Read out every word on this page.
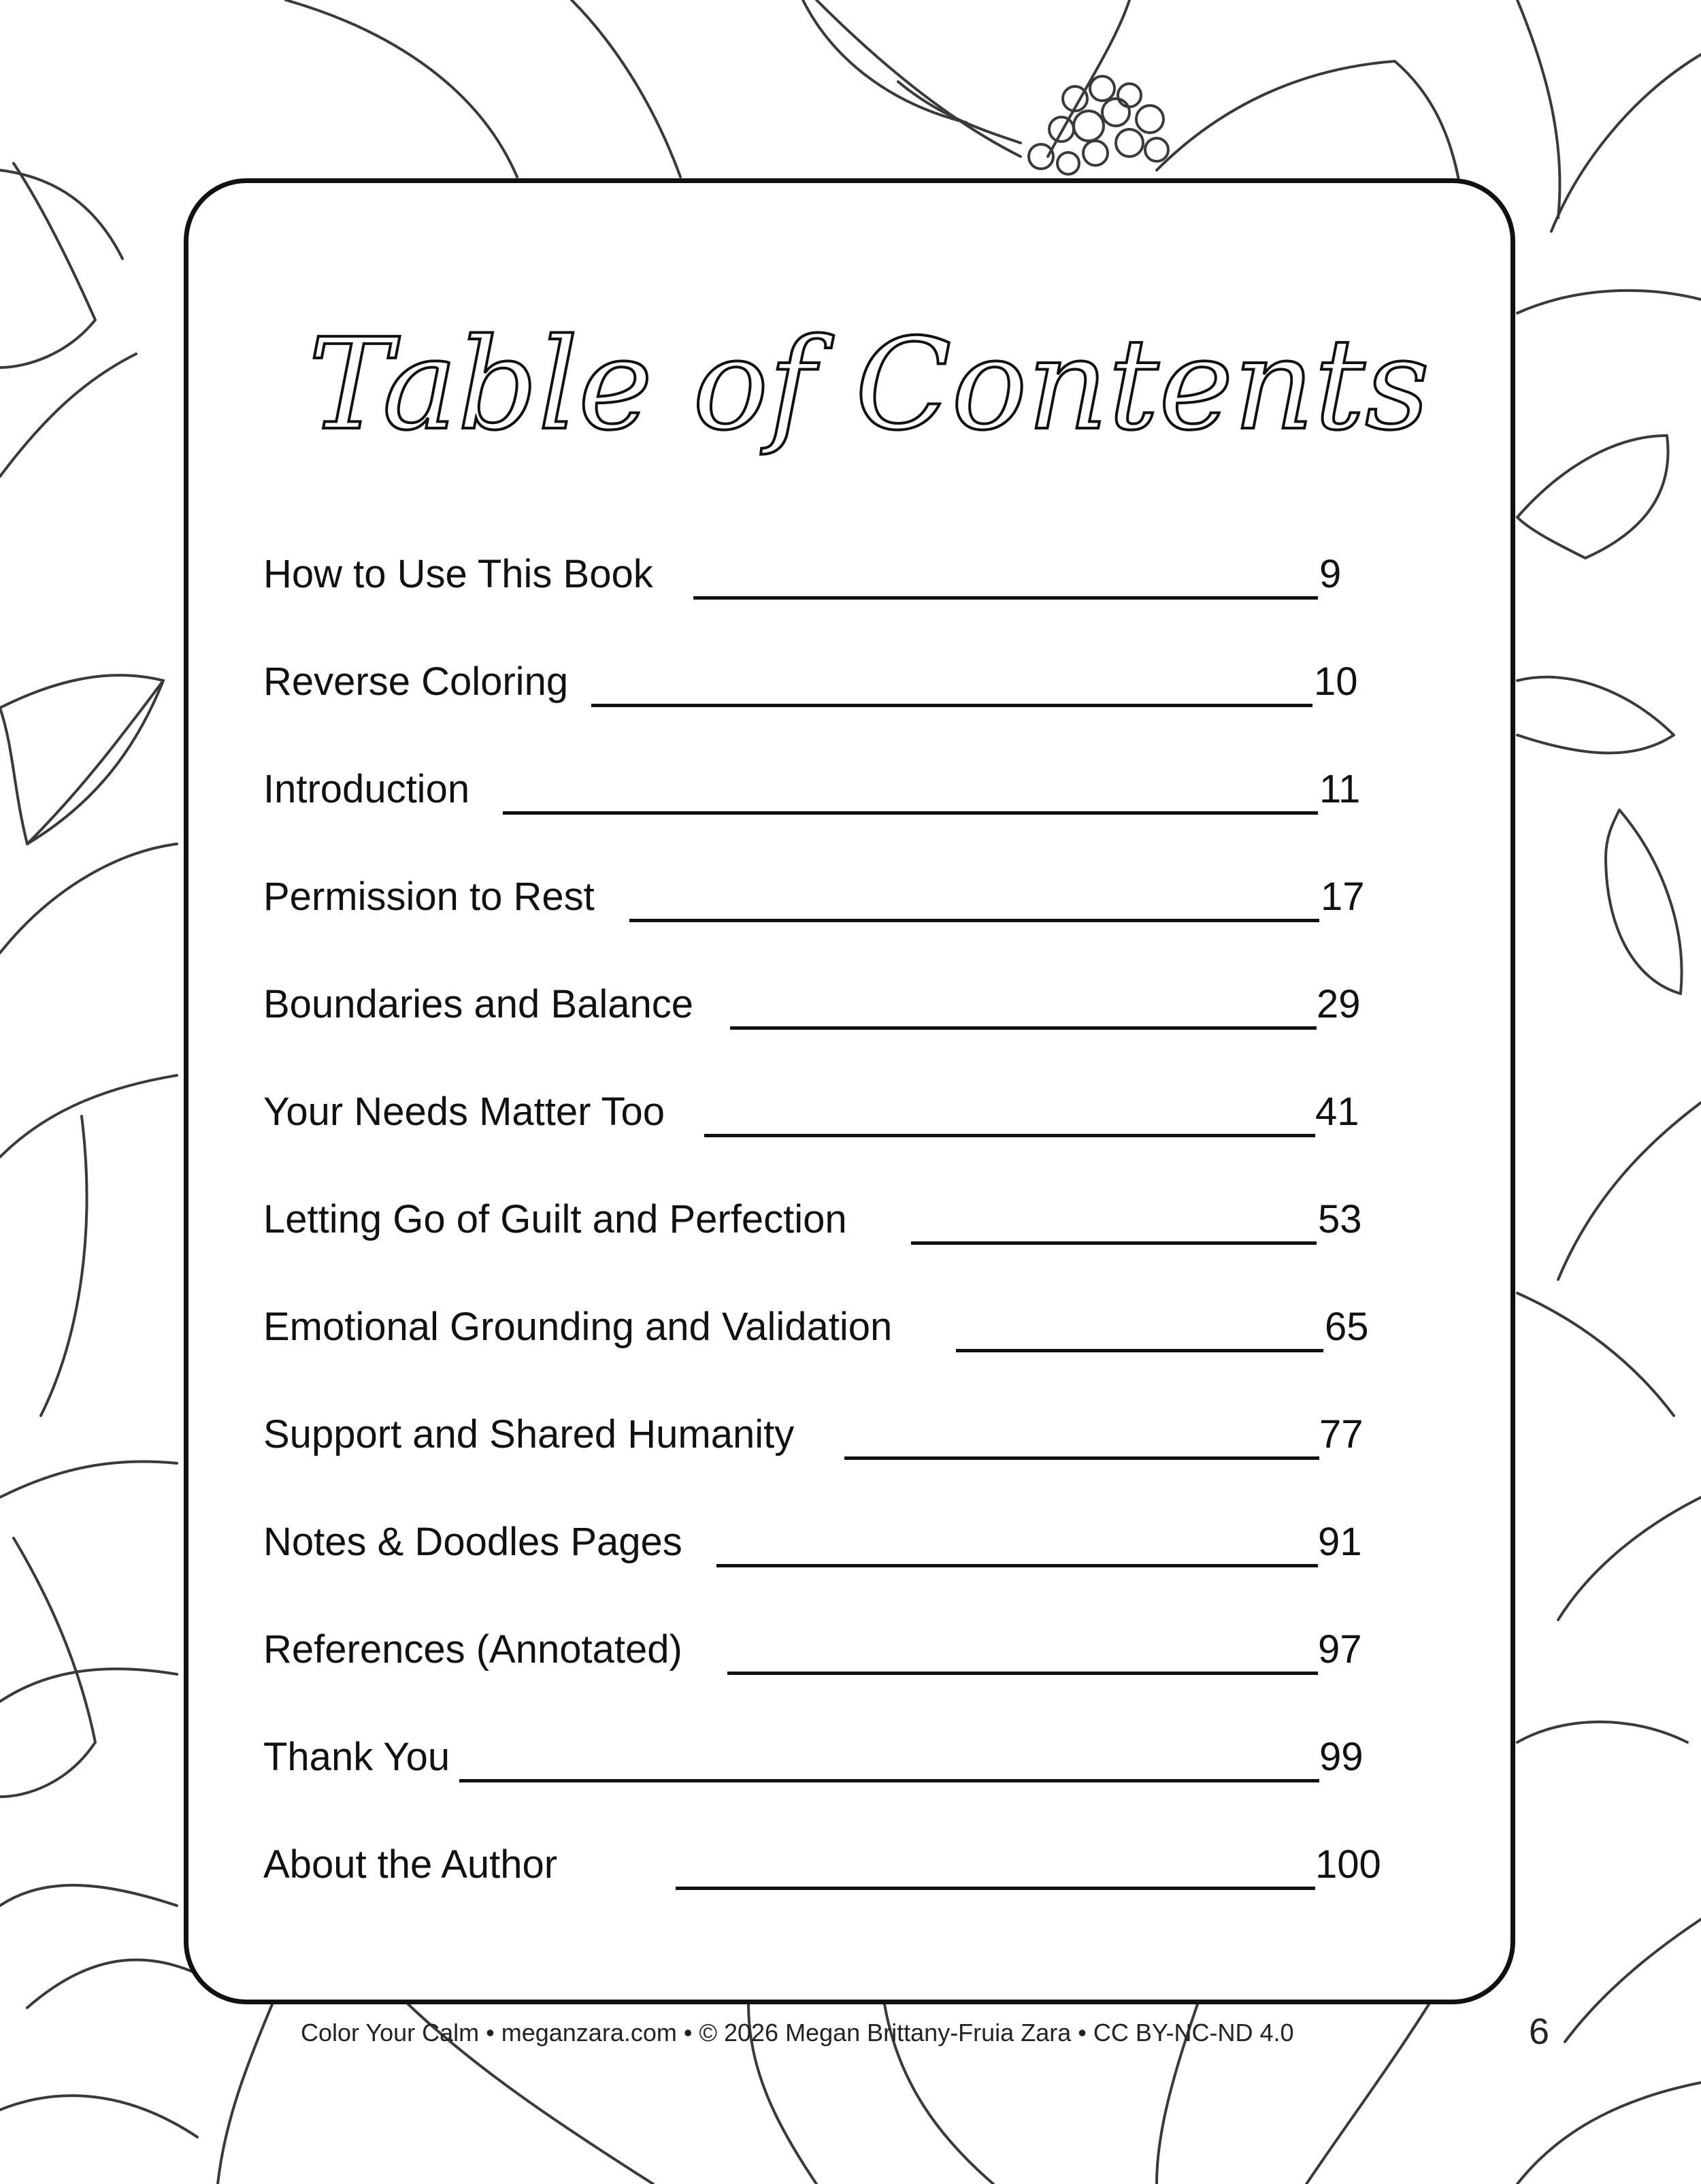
Table of Contents
How to Use This Book	9
Reverse Coloring	10
Introduction	11
Permission to Rest	17
Boundaries and Balance	29
Your Needs Matter Too	41
Letting Go of Guilt and Perfection	53
Emotional Grounding and Validation	65
Support and Shared Humanity	77
Notes & Doodles Pages	91
References (Annotated)	97
Thank You	99
About the Author	100
Color Your Calm • meganzara.com • © 2026 Megan Brittany-Fruia Zara • CC BY-NC-ND 4.0	6
